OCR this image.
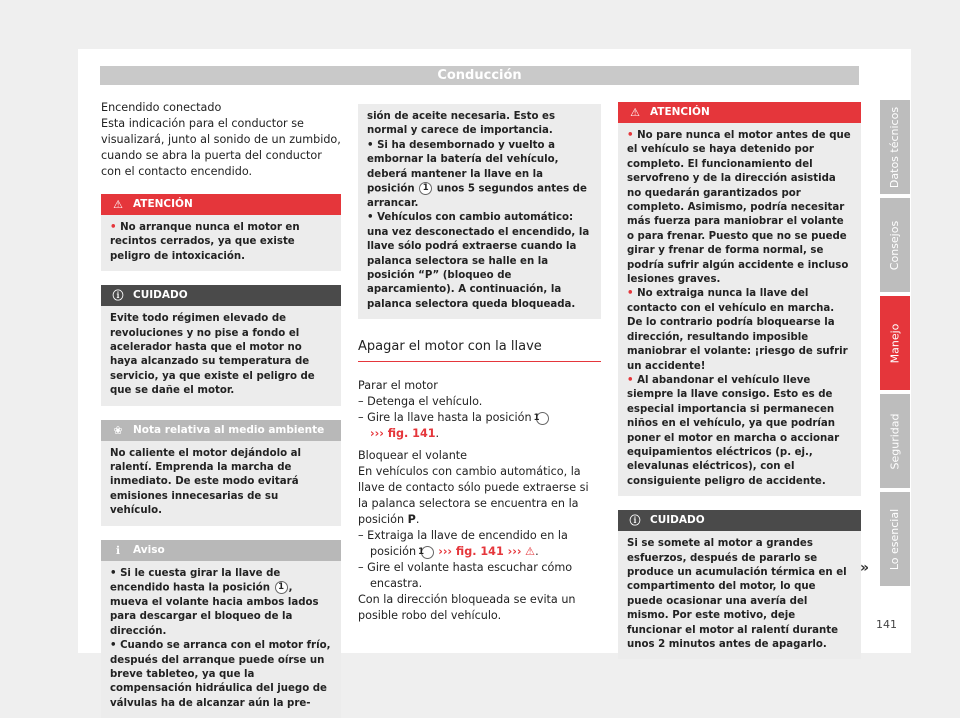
Conducción

Encendido conectado

Esta indicación para el conductor se visualizará, junto al sonido de un zumbido, cuando se abra la puerta del conductor con el contacto encendido.

⚠ ATENCIÓN
• No arranque nunca el motor en recintos cerrados, ya que existe peligro de intoxicación.
ⓘ CUIDADO
Evite todo régimen elevado de revoluciones y no pise a fondo el acelerador hasta que el motor no haya alcanzado su temperatura de servicio, ya que existe el peligro de que se dañe el motor.
❀ Nota relativa al medio ambiente
No caliente el motor dejándolo al ralentí. Emprenda la marcha de inmediato. De este modo evitará emisiones innecesarias de su vehículo.
ℹ	Aviso
• Si le cuesta girar la llave de encendido hasta la posición 1 , mueva el volante hacia ambos lados para descargar el bloqueo de la dirección.
• Cuando se arranca con el motor frío, después del arranque puede oírse un breve tableteo, ya que la compensación hidráulica del juego de válvulas ha de alcanzar aún la pre-
sión de aceite necesaria. Esto es normal y carece de importancia.
• Si ha desembornado y vuelto a embornar la batería del vehículo, deberá mantener la llave en la posición 1 unos 5 segundos antes de arrancar.
• Vehículos con cambio automático: una vez desconectado el encendido, la llave sólo podrá extraerse cuando la palanca selectora se halle en la posición “P” (bloqueo de aparcamiento). A continuación, la palanca selectora queda bloqueada.
Apagar el motor con la llave

Parar el motor

– Detenga el vehículo.

– Gire la llave hasta la posición 1
››› fig. 141.

Bloquear el volante

En vehículos con cambio automático, la llave de contacto sólo puede extraerse si la palanca selectora se encuentra en la posición P.

– Extraiga la llave de encendido en la posición 1 ››› fig. 141 ››› ⚠.

– Gire el volante hasta escuchar cómo encastra.

Con la dirección bloqueada se evita un posible robo del vehículo.

⚠ ATENCIÓN
• No pare nunca el motor antes de que el vehículo se haya detenido por completo. El funcionamiento del servofreno y de la dirección asistida no quedarán garantizados por completo. Asimismo, podría necesitar más fuerza para maniobrar el volante o para frenar. Puesto que no se puede girar y frenar de forma normal, se podría sufrir algún accidente e incluso lesiones graves.
• No extraiga nunca la llave del contacto con el vehículo en marcha. De lo contrario podría bloquearse la dirección, resultando imposible maniobrar el volante: ¡riesgo de sufrir un accidente!
• Al abandonar el vehículo lleve siempre la llave consigo. Esto es de especial importancia si permanecen niños en el vehículo, ya que podrían poner el motor en marcha o accionar equipamientos eléctricos (p. ej., elevalunas eléctricos), con el consiguiente peligro de accidente.
ⓘ CUIDADO
Si se somete al motor a grandes esfuerzos, después de pararlo se produce un acumulación térmica en el compartimento del motor, lo que puede ocasionar una avería del mismo. Por este motivo, deje funcionar el motor al ralentí durante unos 2 minutos antes de apagarlo.
»
Datos técnicos
Consejos
Manejo
Seguridad
Lo esencial
141
